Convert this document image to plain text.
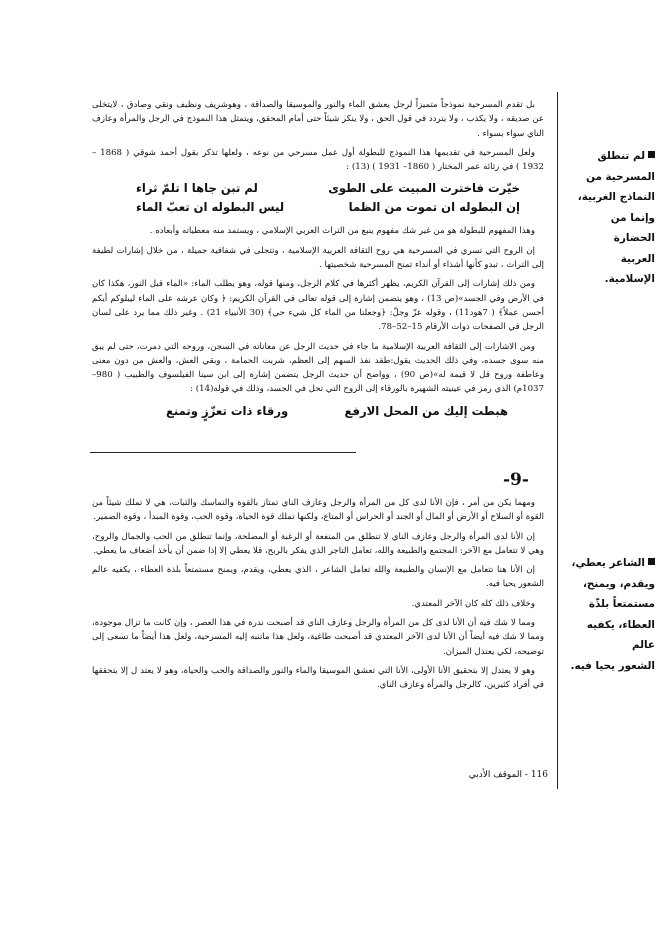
-9-
لم تنطلق
المسرحية من
النماذج الغربية،
وإنما من الحضارة
العربية الإسلامية.
الشاعر يعطي،
ويقدم، ويمنح،
مستمتعاً بلذّة
العطاء، يكفيه عالم
الشعور يحيا فيه.

بل تقدم المسرحية نموذجاً متميزاً لرجل يعشق الماء والنور والموسيقا والصداقة ، وهوشريف ونظيف ونقي وصادق ، لايتخلى عن صديقه ، ولا يكذب ، ولا يتردد في قول الحق ، ولا ينكر شيئاً حتى أمام المحقق، ويتمثل هذا النموذج في الرجل والمرأة وعازف الناي سواء بسواء .

ولعل المسرحية في تقديمها هذا النموذج للبطولة أول عمل مسرحي من نوعه ، ولعلها تذكر بقول أحمد شوقي ( 1868 – 1932 ) في رثائه عمر المختار ( 1860– 1931 ) (13) :

خيّرت فاخترت المبيت على الطوى
لم تبن جاها ا تلمّ ثراء
إن البطوله ان تموت من الظما
ليس البطوله ان تعبّ الماء

وهذا المفهوم للبطولة هو من غير شك مفهوم ينبع من التراث العربي الإسلامي ، ويستمد منه معطياته وأبعاده .

إن الروح التي تسري في المسرحية هي روح الثقافة العربية الإسلامية ، وتتجلى في شفافية جميلة ، من خلال إشارات لطيفة إلى التراث ، تبدو كأنها أشذاء أو أنداء تمنح المسرحية شخصيتها .

ومن ذلك إشارات إلى القرآن الكريم، يظهر أكثرها في كلام الرجل، ومنها قوله، وهو يطلب الماء: «الماء قبل النور، هكذا كان في الأرض وفي الجسد»(ص 13) ، وهو يتضمن إشارة إلى قوله تعالى في القرآن الكريم: ﴿ وكان عرشه على الماء ليبلوكم أيكم أحسن عملاً﴾ ( 7هود11) ، وقوله عزّ وجلّ: ﴿وجعلنا من الماء كل شيء حي﴾ (30 الأنبياء 21) . وغير ذلك مما يرد على لسان الرجل في الصفحات ذوات الأرقام 15–52–78.

ومن الاشارات إلى الثقافة العربية الإسلامية ما جاء في حديث الرجل عن معاناته في السجن، وروحه التي دمرت، حتى لم يبق منه سوى جسده، وفي ذلك الحديث يقول:طقد نفذ السهم إلى العظم، شربت الحمامة ، وبقي العش، والعش من دون معنى وعاطفة وروح قل لا قيمة له»(ص 90) ، وواضح أن حديث الرجل يتضمن إشارة إلى ابن سينا الفيلسوف والطبيب ( 980– 1037م) الذي رمز في عينيته الشهيرة بالورقاء إلى الروح التي تحل في الجسد، وذلك في قوله(14) :

هبطت إليك من المحل الارفع
ورقاء ذات تعزّزٍ وتمنع

ومهما يكن من أمر ، فإن الأنا لدى كل من المرأة والرجل وعازف الناي تمتاز بالقوة والتماسك والثبات، هي لا تملك شيئاً من القوة أو السلاح أو الأرض أو المال أو الجند أو الحراس أو المتاع، ولكنها تملك قوة الحياة، وقوة الحب، وقوة المبدأ ، وقوة الضمير.

إن الأنا لدى المرأة والرجل وعازف الناي لا تنطلق من المنفعة أو الرغبة أو المصلحة، وإنما تنطلق من الحب والجمال والروح، وهي لا تتعامل مع الآخر: المجتمع والطبيعة والله، تعامل التاجر الذي يفكر بالربح، فلا يعطي إلا إذا ضمن أن يأخذ أضعاف ما يعطي.

إن الأنا هنا تتعامل مع الإنسان والطبيعة والله تعامل الشاعر ، الذي يعطي، ويقدم، ويمنح مستمتعاً بلذة العطاء ، يكفيه عالم الشعور يحيا فيه.

وخلاف ذلك كله كان الآخر المعتدي.

ومما لا شك فيه أن الأنا لدى كل من المرأة والرجل وعازف الناي قد أصبحت ندرة في هذا العصر ، وإن كانت ما تزال موجودة، ومما لا شك فيه أيضاً أن الأنا لدى الآخر المعتدي قد أصبحت طاغية، ولعل هذا ماتنبه إليه المسرحية، ولعل هذا أيضاً ما تسعى إلى توضيحه، لكي يعتدل الميزان.

وهو لا يعتدل إلا بتحقيق الأنا الأولى، الأنا التي تعشق الموسيقا والماء والنور والصداقة والحب والحياة، وهو لا يعتد ل إلا بتحققها في أفراد كثيرين، كالرجل والمرأة وعازف الناي.

116 - الموقف الأدبي
